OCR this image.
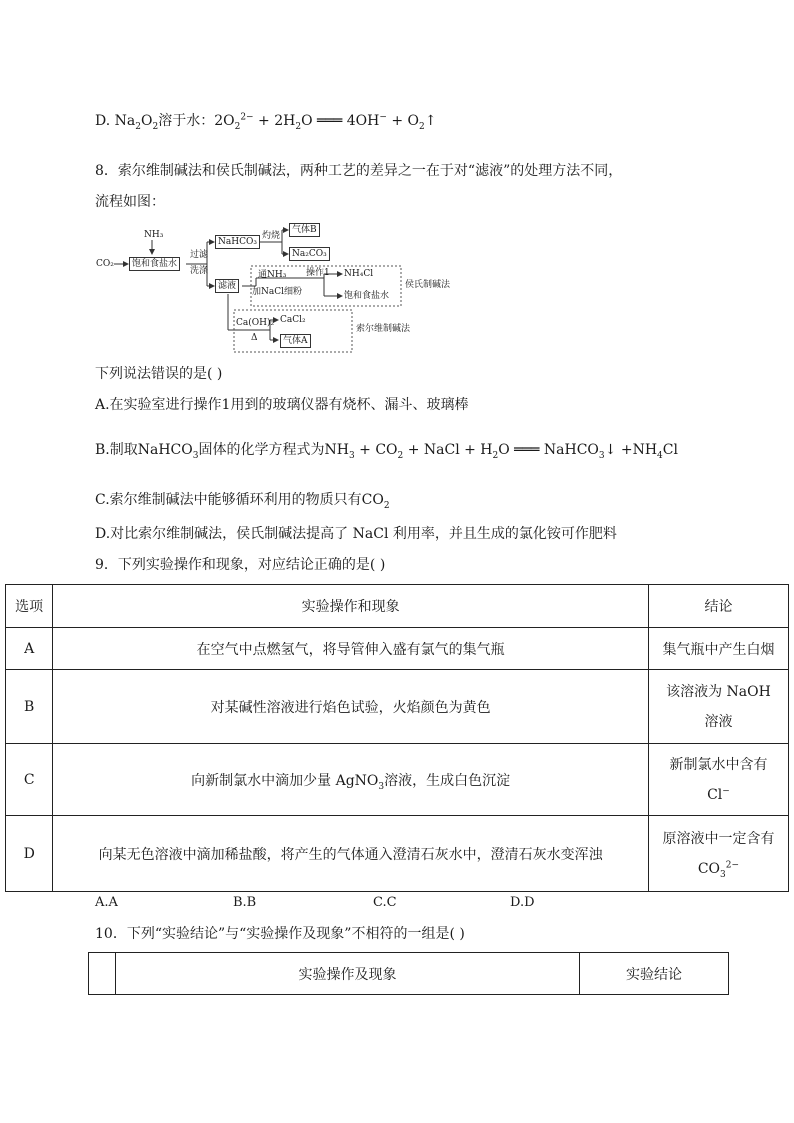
D. $Na_2O_2$溶于水：$2O_2^{2-} + 2H_2O$ ═══ $4OH^- + O_2↑$
8．索尔维制碱法和侯氏制碱法，两种工艺的差异之一在于对“滤液”的处理方法不同，
流程如图：
NH₃
CO₂	饱和食盐水
过滤
洗涤
NaHCO₃
灼烧
气体B
Na₂CO₃
滤液
通NH₃
加NaCl细粉
操作1 NH₄Cl
饱和食盐水
侯氏制碱法
Ca(OH)₂
Δ
CaCl₂
气体A
索尔维制碱法
下列说法错误的是( )
A.在实验室进行操作1用到的玻璃仪器有烧杯、漏斗、玻璃棒
B.制取NaHCO$_3$固体的化学方程式为$NH_3 + CO_2$ + NaCl + $H_2O$ ═══ NaHCO$_3$↓ $+NH_4Cl$
C.索尔维制碱法中能够循环利用的物质只有$CO_2$
D.对比索尔维制碱法，侯氏制碱法提高了 NaCl 利用率，并且生成的氯化铵可作肥料
9．下列实验操作和现象，对应结论正确的是( )
选项	实验操作和现象	结论
A	在空气中点燃氢气，将导管伸入盛有氯气的集气瓶	集气瓶中产生白烟
B	对某碱性溶液进行焰色试验，火焰颜色为黄色	该溶液为 NaOH
溶液
C	向新制氯水中滴加少量 AgNO$_3$溶液，生成白色沉淀	新制氯水中含有
Cl−
D	向某无色溶液中滴加稀盐酸，将产生的气体通入澄清石灰水中，澄清石灰水变浑浊	原溶液中一定含有
$CO_3^{2-}$
A.A	B.B	C.C	D.D
10．下列“实验结论”与“实验操作及现象”不相符的一组是( )
	实验操作及现象	实验结论
